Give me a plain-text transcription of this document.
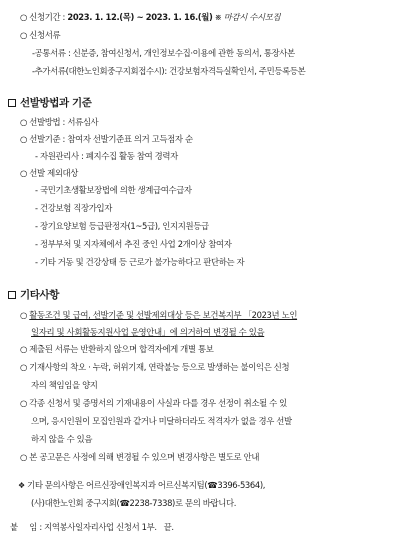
○ 신청기간 : 2023. 1. 12.(목) ~ 2023. 1. 16.(월) ※ 마감시 수시모집
○ 신청서류
-공통서류 : 신분증, 참여신청서, 개인정보수집·이용에 관한 동의서, 통장사본
-추가서류(대한노인회중구지회접수시): 건강보험자격득실확인서, 주민등록등본
선발방법과 기준
○ 선발방법 : 서류심사
○ 선발기준 : 참여자 선발기준표 의거 고득점자 순
- 자원관리사 : 폐지수집 활동 참여 경력자
○ 선발 제외대상
- 국민기초생활보장법에 의한 생계급여수급자
- 건강보험 직장가입자
- 장기요양보험 등급판정자(1~5급), 인지지원등급
- 정부부처 및 지자체에서 추진 중인 사업 2개이상 참여자
- 기타 거동 및 건강상태 등 근로가 불가능하다고 판단하는 자
기타사항
○ 활동조건 및 급여, 선발기준 및 선발제외대상 등은 보건복지부 「2023년 노인
일자리 및 사회활동지원사업 운영안내」에 의거하여 변경될 수 있음
○ 제출된 서류는 반환하지 않으며 합격자에게 개별 통보
○ 기재사항의 착오 · 누락, 허위기재, 연락불능 등으로 발생하는 불이익은 신청
자의 책임임을 양지
○ 각종 신청서 및 증명서의 기재내용이 사실과 다를 경우 선정이 취소될 수 있
으며, 응시인원이 모집인원과 같거나 미달하더라도 적격자가 없을 경우 선발
하지 않을 수 있음
○ 본 공고문은 사정에 의해 변경될 수 있으며 변경사항은 별도로 안내
❖ 기타 문의사항은 어르신장애인복지과 어르신복지팀(☎3396-5364),
(사)대한노인회 중구지회(☎2238-7338)로 문의 바랍니다.
붙     임 : 지역봉사일자리사업 신청서 1부.   끝.
